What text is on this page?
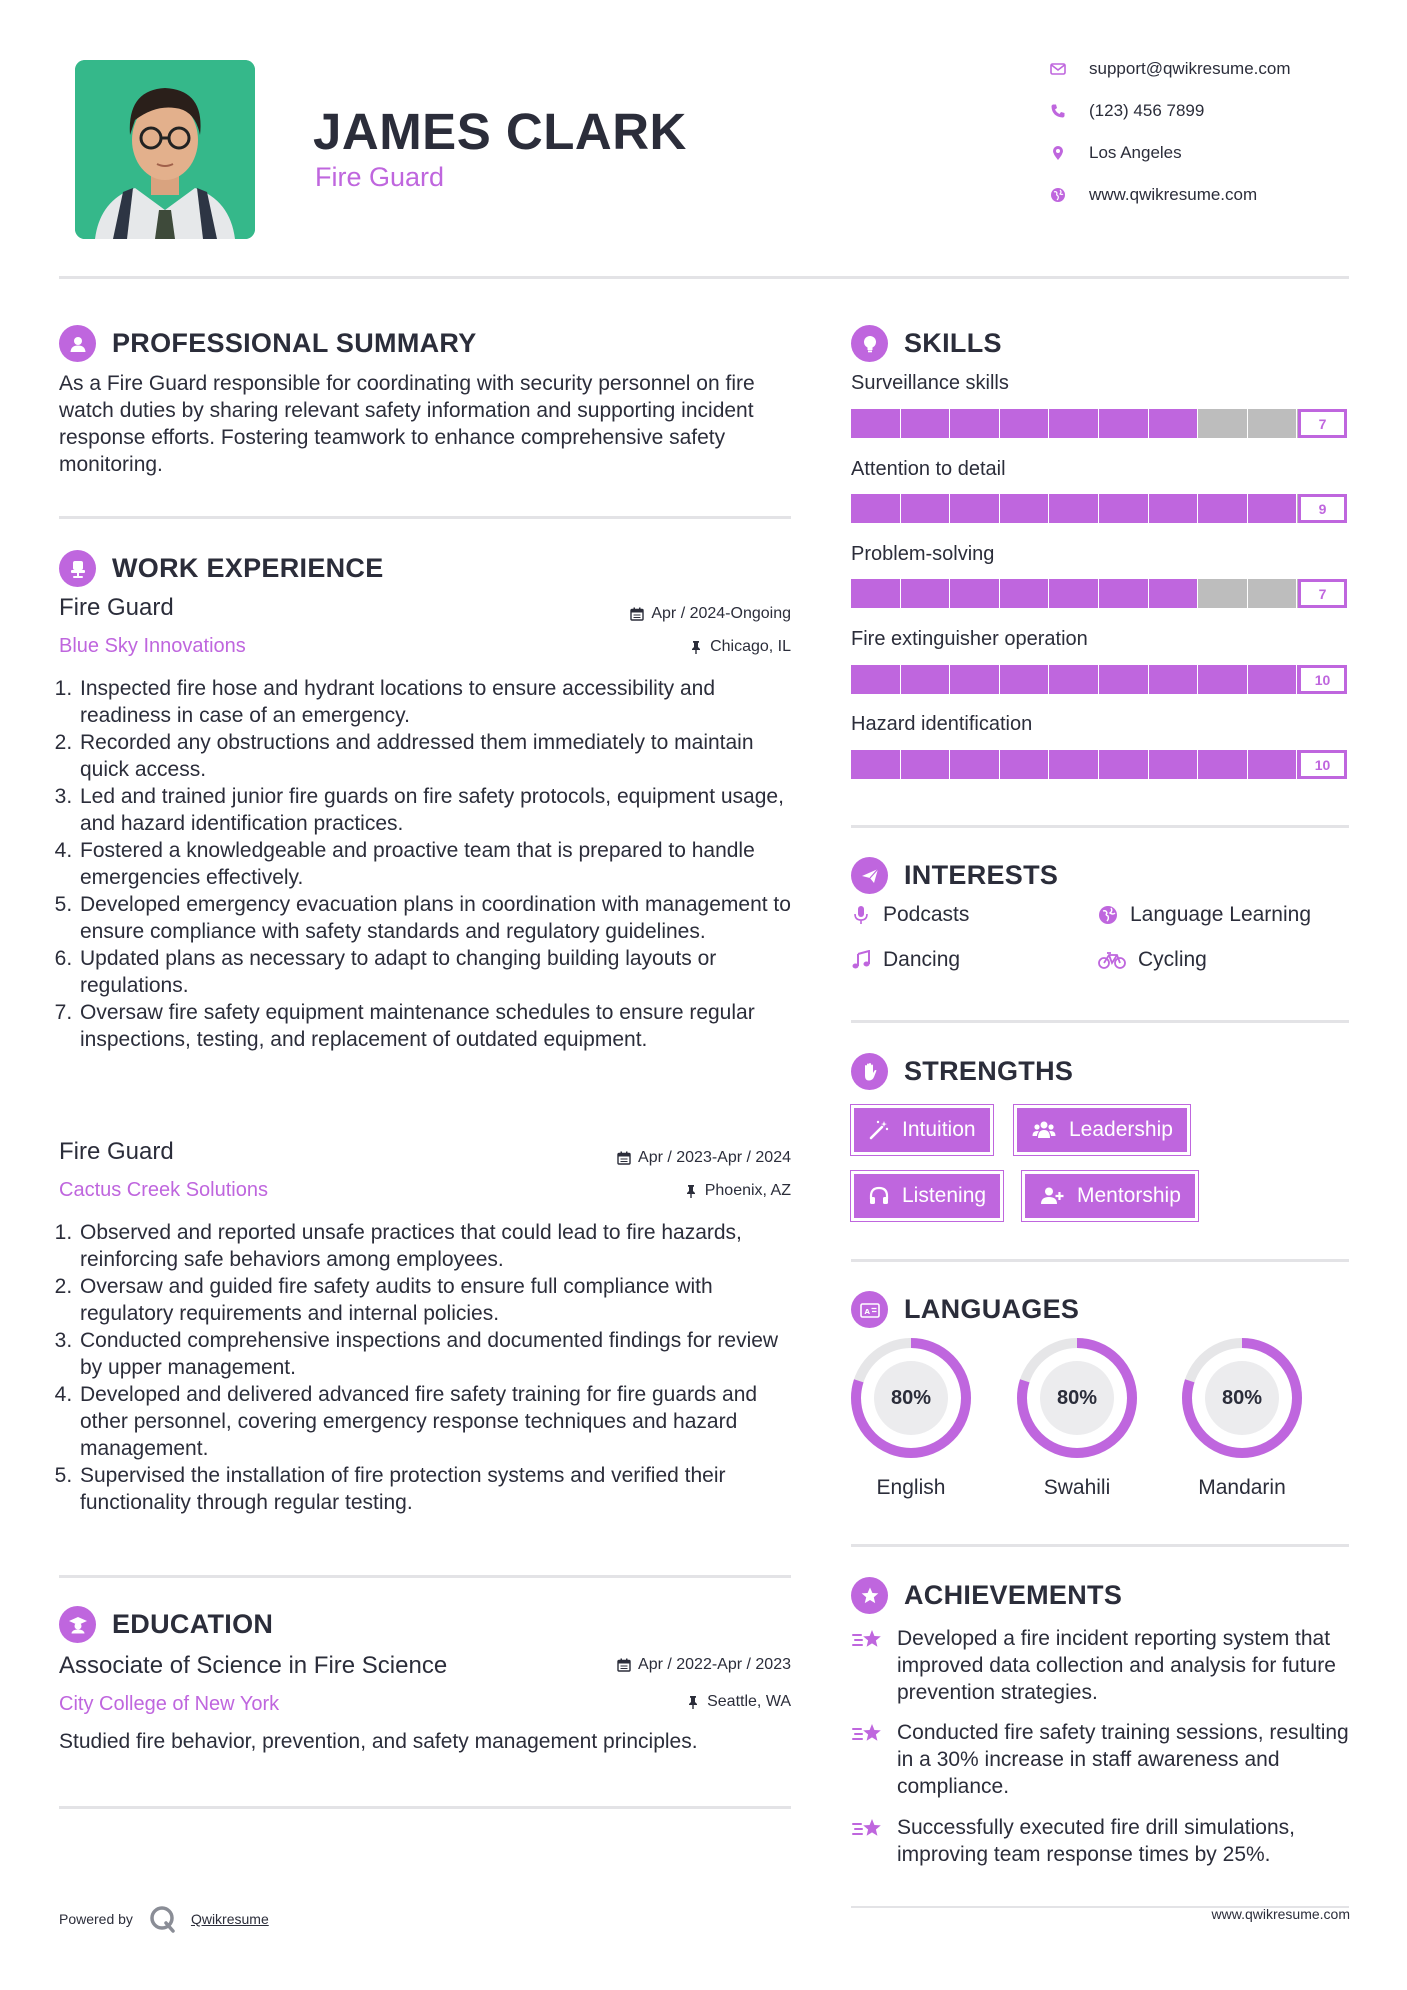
JAMES CLARK
Fire Guard
support@qwikresume.com
(123) 456 7899
Los Angeles
www.qwikresume.com
PROFESSIONAL SUMMARY
As a Fire Guard responsible for coordinating with security personnel on fire watch duties by sharing relevant safety information and supporting incident response efforts. Fostering teamwork to enhance comprehensive safety monitoring.
WORK EXPERIENCE
Fire Guard
Blue Sky Innovations
Apr / 2024-Ongoing
Chicago, IL
1. Inspected fire hose and hydrant locations to ensure accessibility and readiness in case of an emergency.
2. Recorded any obstructions and addressed them immediately to maintain quick access.
3. Led and trained junior fire guards on fire safety protocols, equipment usage, and hazard identification practices.
4. Fostered a knowledgeable and proactive team that is prepared to handle emergencies effectively.
5. Developed emergency evacuation plans in coordination with management to ensure compliance with safety standards and regulatory guidelines.
6. Updated plans as necessary to adapt to changing building layouts or regulations.
7. Oversaw fire safety equipment maintenance schedules to ensure regular inspections, testing, and replacement of outdated equipment.
Fire Guard
Cactus Creek Solutions
Apr / 2023-Apr / 2024
Phoenix, AZ
1. Observed and reported unsafe practices that could lead to fire hazards, reinforcing safe behaviors among employees.
2. Oversaw and guided fire safety audits to ensure full compliance with regulatory requirements and internal policies.
3. Conducted comprehensive inspections and documented findings for review by upper management.
4. Developed and delivered advanced fire safety training for fire guards and other personnel, covering emergency response techniques and hazard management.
5. Supervised the installation of fire protection systems and verified their functionality through regular testing.
EDUCATION
Associate of Science in Fire Science
City College of New York
Apr / 2022-Apr / 2023
Seattle, WA
Studied fire behavior, prevention, and safety management principles.
SKILLS
Surveillance skills
7
Attention to detail
9
Problem-solving
7
Fire extinguisher operation
10
Hazard identification
10
INTERESTS
Podcasts	Language Learning
Dancing	Cycling
STRENGTHS
Intuition	Leadership
Listening	Mentorship
A LANGUAGES
80%
English
80%
Swahili
80%
Mandarin
ACHIEVEMENTS
Developed a fire incident reporting system that improved data collection and analysis for future prevention strategies.
Conducted fire safety training sessions, resulting in a 30% increase in staff awareness and compliance.
Successfully executed fire drill simulations, improving team response times by 25%.
Powered by	Qwikresume	www.qwikresume.com
